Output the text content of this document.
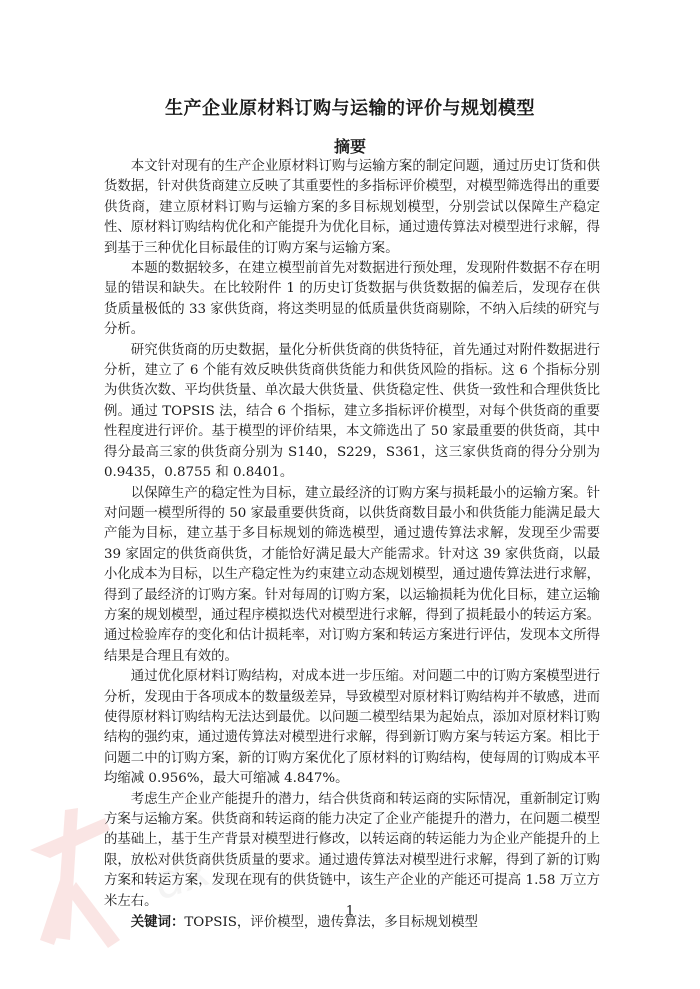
dx
生产企业原材料订购与运输的评价与规划模型
摘要

本文针对现有的生产企业原材料订购与运输方案的制定问题，通过历史订货和供货数据，针对供货商建立反映了其重要性的多指标评价模型，对模型筛选得出的重要供货商，建立原材料订购与运输方案的多目标规划模型，分别尝试以保障生产稳定性、原材料订购结构优化和产能提升为优化目标，通过遗传算法对模型进行求解，得到基于三种优化目标最佳的订购方案与运输方案。

本题的数据较多，在建立模型前首先对数据进行预处理，发现附件数据不存在明显的错误和缺失。在比较附件 1 的历史订货数据与供货数据的偏差后，发现存在供货质量极低的 33 家供货商，将这类明显的低质量供货商剔除，不纳入后续的研究与分析。

研究供货商的历史数据，量化分析供货商的供货特征，首先通过对附件数据进行分析，建立了 6 个能有效反映供货商供货能力和供货风险的指标。这 6 个指标分别为供货次数、平均供货量、单次最大供货量、供货稳定性、供货一致性和合理供货比例。通过 TOPSIS 法，结合 6 个指标，建立多指标评价模型，对每个供货商的重要性程度进行评价。基于模型的评价结果，本文筛选出了 50 家最重要的供货商，其中得分最高三家的供货商分别为 S140，S229，S361，这三家供货商的得分分别为 0.9435，0.8755 和 0.8401。

以保障生产的稳定性为目标，建立最经济的订购方案与损耗最小的运输方案。针对问题一模型所得的 50 家最重要供货商，以供货商数目最小和供货能力能满足最大产能为目标，建立基于多目标规划的筛选模型，通过遗传算法求解，发现至少需要 39 家固定的供货商供货，才能恰好满足最大产能需求。针对这 39 家供货商，以最小化成本为目标，以生产稳定性为约束建立动态规划模型，通过遗传算法进行求解，得到了最经济的订购方案。针对每周的订购方案，以运输损耗为优化目标，建立运输方案的规划模型，通过程序模拟迭代对模型进行求解，得到了损耗最小的转运方案。通过检验库存的变化和估计损耗率，对订购方案和转运方案进行评估，发现本文所得结果是合理且有效的。

通过优化原材料订购结构，对成本进一步压缩。对问题二中的订购方案模型进行分析，发现由于各项成本的数量级差异，导致模型对原材料订购结构并不敏感，进而使得原材料订购结构无法达到最优。以问题二模型结果为起始点，添加对原材料订购结构的强约束，通过遗传算法对模型进行求解，得到新订购方案与转运方案。相比于问题二中的订购方案，新的订购方案优化了原材料的订购结构，使每周的订购成本平均缩减 0.956%，最大可缩减 4.847%。

考虑生产企业产能提升的潜力，结合供货商和转运商的实际情况，重新制定订购方案与运输方案。供货商和转运商的能力决定了企业产能提升的潜力，在问题二模型的基础上，基于生产背景对模型进行修改，以转运商的转运能力为企业产能提升的上限，放松对供货商供货质量的要求。通过遗传算法对模型进行求解，得到了新的订购方案和转运方案，发现在现有的供货链中，该生产企业的产能还可提高 1.58 万立方米左右。

关键词：TOPSIS，评价模型，遗传算法，多目标规划模型

1
